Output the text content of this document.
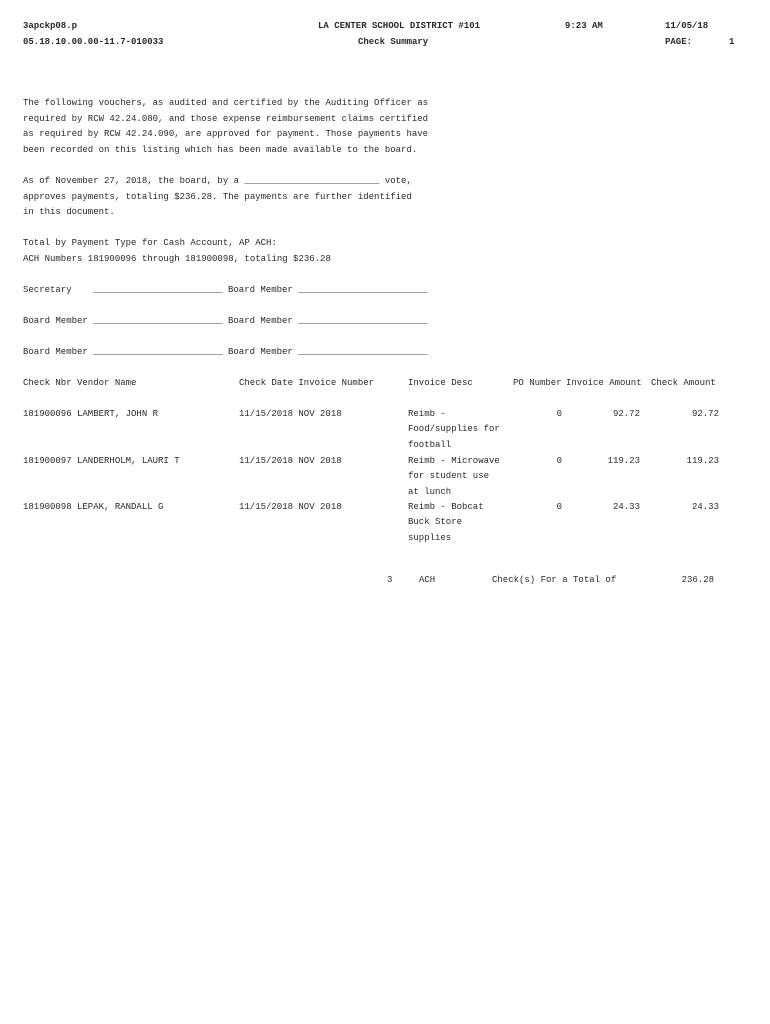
3apckp08.p
05.18.10.00.00-11.7-010033
LA CENTER SCHOOL DISTRICT #101
Check Summary
9:23 AM	11/05/18
PAGE:	1
The following vouchers, as audited and certified by the Auditing Officer as
required by RCW 42.24.080, and those expense reimbursement claims certified
as required by RCW 42.24.090, are approved for payment. Those payments have
been recorded on this listing which has been made available to the board.
As of November 27, 2018, the board, by a _________________________ vote,
approves payments, totaling $236.28. The payments are further identified
in this document.
Total by Payment Type for Cash Account, AP ACH:
ACH Numbers 181900096 through 181900098, totaling $236.28
Secretary    ________________________ Board Member ________________________
Board Member ________________________ Board Member ________________________
Board Member ________________________ Board Member ________________________
Check Nbr Vendor Name	Check Date Invoice Number	Invoice Desc	PO Number Invoice Amount Check Amount
181900096 LAMBERT, JOHN R	11/15/2018 NOV 2018	Reimb -
Food/supplies for
football
0	92.72	92.72
181900097 LANDERHOLM, LAURI T	11/15/2018 NOV 2018	Reimb - Microwave
for student use
at lunch
0	119.23	119.23
181900098 LEPAK, RANDALL G	11/15/2018 NOV 2018	Reimb - Bobcat
Buck Store
supplies
0	24.33	24.33
3	ACH	Check(s) For a Total of	236.28
